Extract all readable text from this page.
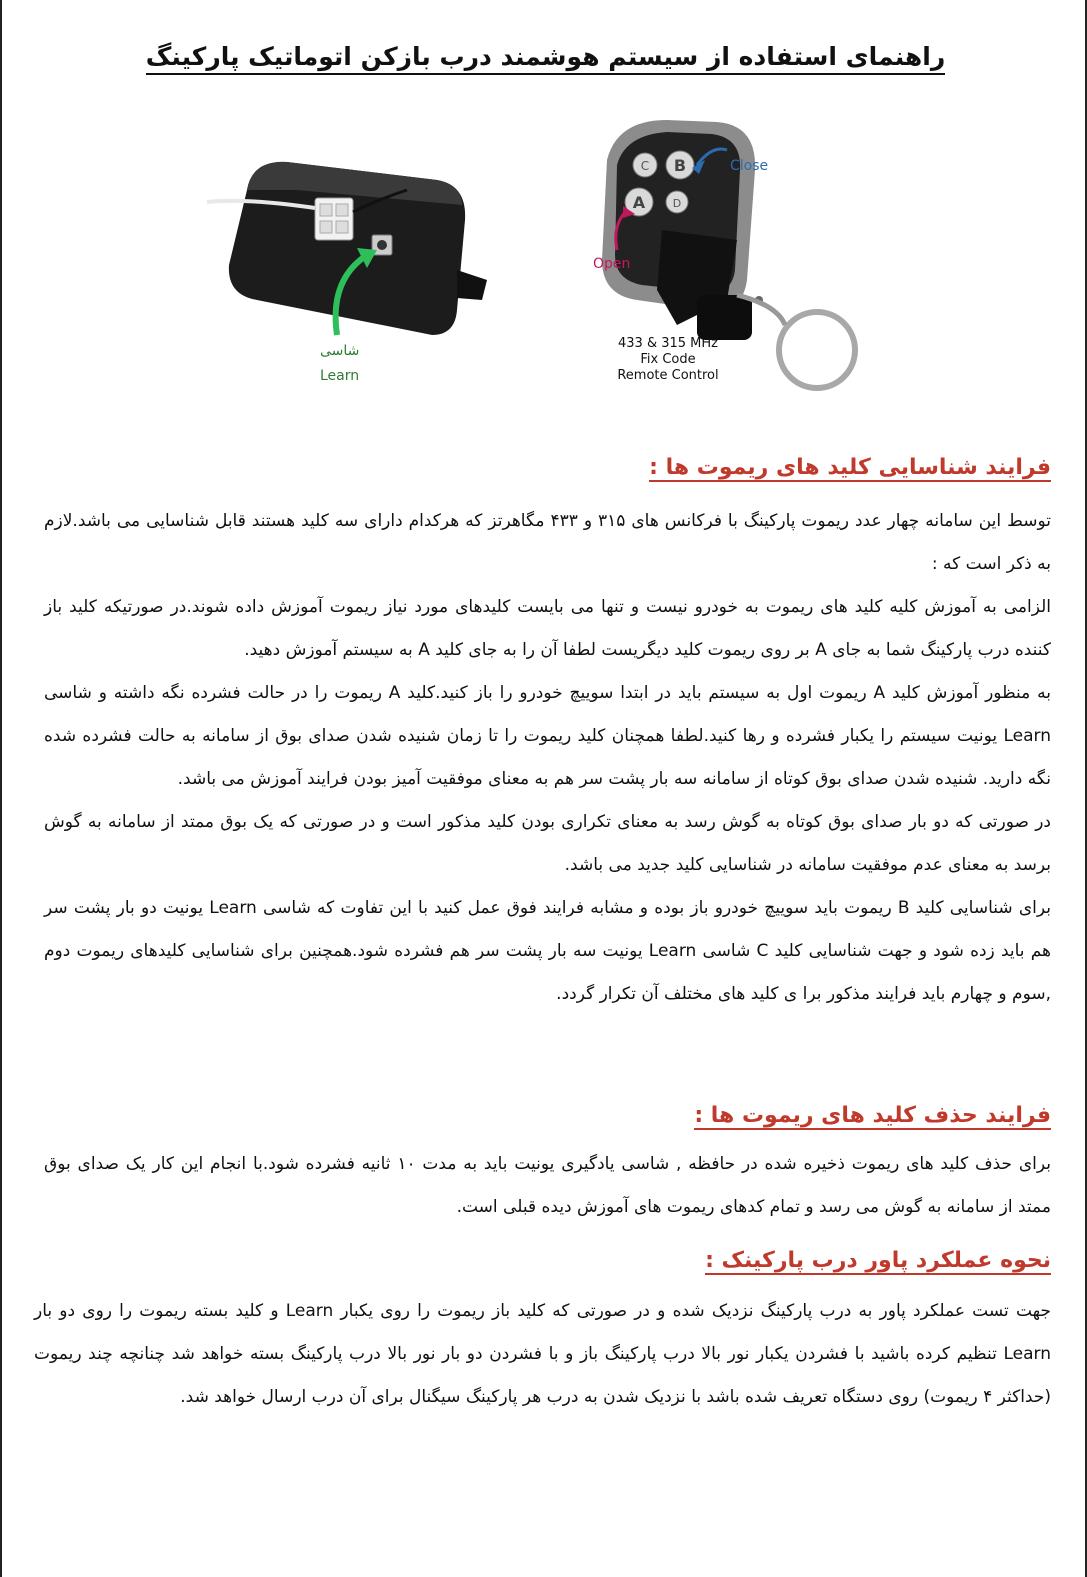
راهنمای استفاده از سیستم هوشمند درب بازکن اتوماتیک پارکینگ
شاسی
Learn
C B
A	D
Close
Open
433 & 315 MHz
Fix Code
Remote Control
فرایند شناسایی کلید های ریموت ها :

توسط این سامانه چهار عدد ریموت پارکینگ با فرکانس های ۳۱۵ و ۴۳۳ مگاهرتز که هرکدام دارای سه کلید هستند قابل شناسایی می باشد.لازم به ذکر است که :

الزامی به آموزش کلیه کلید های ریموت به خودرو نیست و تنها می بایست کلیدهای مورد نیاز ریموت آموزش داده شوند.در صورتیکه کلید باز کننده درب پارکینگ شما به جای A بر روی ریموت کلید دیگریست لطفا آن را به جای کلید A به سیستم آموزش دهید.

به منظور آموزش کلید A ریموت اول به سیستم باید در ابتدا سوییچ خودرو را باز کنید.کلید A ریموت را در حالت فشرده نگه داشته و شاسی Learn یونیت سیستم را یکبار فشرده و رها کنید.لطفا همچنان کلید ریموت را تا زمان شنیده شدن صدای بوق از سامانه به حالت فشرده شده نگه دارید. شنیده شدن صدای بوق کوتاه از سامانه سه بار پشت سر هم به معنای موفقیت آمیز بودن فرایند آموزش می باشد.

در صورتی که دو بار صدای بوق کوتاه به گوش رسد به معنای تکراری بودن کلید مذکور است و در صورتی که یک بوق ممتد از سامانه به گوش برسد به معنای عدم موفقیت سامانه در شناسایی کلید جدید می باشد.

برای شناسایی کلید B ریموت باید سوییچ خودرو باز بوده و مشابه فرایند فوق عمل کنید با این تفاوت که شاسی Learn یونیت دو بار پشت سر هم باید زده شود و جهت شناسایی کلید C شاسی Learn یونیت سه بار پشت سر هم فشرده شود.همچنین برای شناسایی کلیدهای ریموت دوم ,سوم و چهارم باید فرایند مذکور برا ی کلید های مختلف آن تکرار گردد.

فرایند حذف کلید های ریموت ها :

برای حذف کلید های ریموت ذخیره شده در حافظه , شاسی یادگیری یونیت باید به مدت ۱۰ ثانیه فشرده شود.با انجام این کار یک صدای بوق ممتد از سامانه به گوش می رسد و تمام کدهای ریموت های آموزش دیده قبلی است.

نحوه عملکرد پاور درب پارکینک :

جهت تست عملکرد پاور به درب پارکینگ نزدیک شده و در صورتی که کلید باز ریموت را روی یکبار Learn و کلید بسته ریموت را روی دو بار Learn تنظیم کرده باشید با فشردن یکبار نور بالا درب پارکینگ باز و با فشردن دو بار نور بالا درب پارکینگ بسته خواهد شد چنانچه چند ریموت (حداکثر ۴ ریموت) روی دستگاه تعریف شده باشد با نزدیک شدن به درب هر پارکینگ سیگنال برای آن درب ارسال خواهد شد.
